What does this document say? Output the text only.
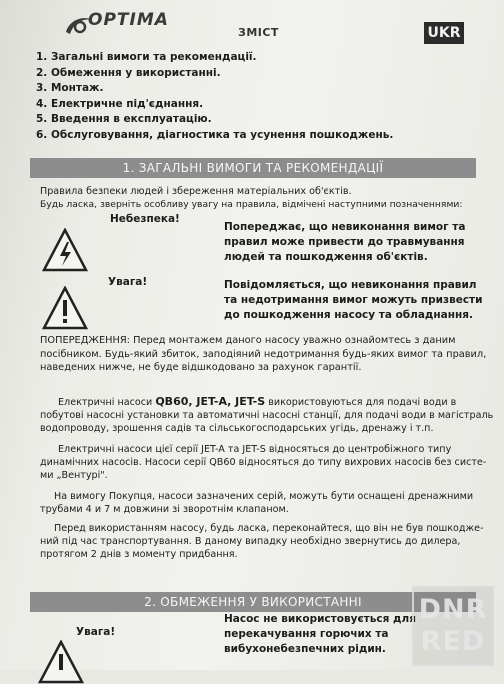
OPTIMA
ЗМІСТ	UKR
1. Загальні вимоги та рекомендації.
2. Обмеження у використанні.
3. Монтаж.
4. Електричне під'єднання.
5. Введення в експлуатацію.
6. Обслуговування, діагностика та усунення пошкоджень.
1. ЗАГАЛЬНІ ВИМОГИ ТА РЕКОМЕНДАЦІЇ
Правила безпеки людей і збереження матеріальних об'єктів.
Будь ласка, зверніть особливу увагу на правила, відмічені наступними позначеннями:
Небезпека!
Попереджає, що невиконання вимог та
правил може привести до травмування
людей та пошкодження об'єктів.
Увага!	Повідомляється, що невиконання правил
та недотримання вимог можуть призвести
до пошкодження насосу та обладнання.
ПОПЕРЕДЖЕННЯ: Перед монтажем даного насосу уважно ознайомтесь з даним
посібником. Будь-який збиток, заподіяний недотримання будь-яких вимог та правил,
наведених нижче, не буде відшкодовано за рахунок гарантії.
Електричні насоси QB60, JET-A, JET-S використовуються для подачі води в
побутові насосні установки та автоматичні насосні станції, для подачі води в магістраль
водопроводу, зрошення садів та сільськогосподарських угідь, дренажу і т.п.
Електричні насоси цієї серії JET-A та JET-S відносяться до центробіжного типу
динамічних насосів. Насоси серії QB60 відносяться до типу вихрових насосів без систе-
ми „Вентурі".
На вимогу Покупця, насоси зазначених серій, можуть бути оснащені дренажними
трубами 4 и 7 м довжини зі зворотнім клапаном.
Перед використанням насосу, будь ласка, переконайтеся, що він не був пошкодже-
ний під час транспортування. В даному випадку необхідно звернутись до дилера,
протягом 2 днів з моменту придбання.
2. ОБМЕЖЕННЯ У ВИКОРИСТАННІ
Увага!
Насос не використовується для
перекачування горючих та
вибухонебезпечних рідин.
DNR
RED
